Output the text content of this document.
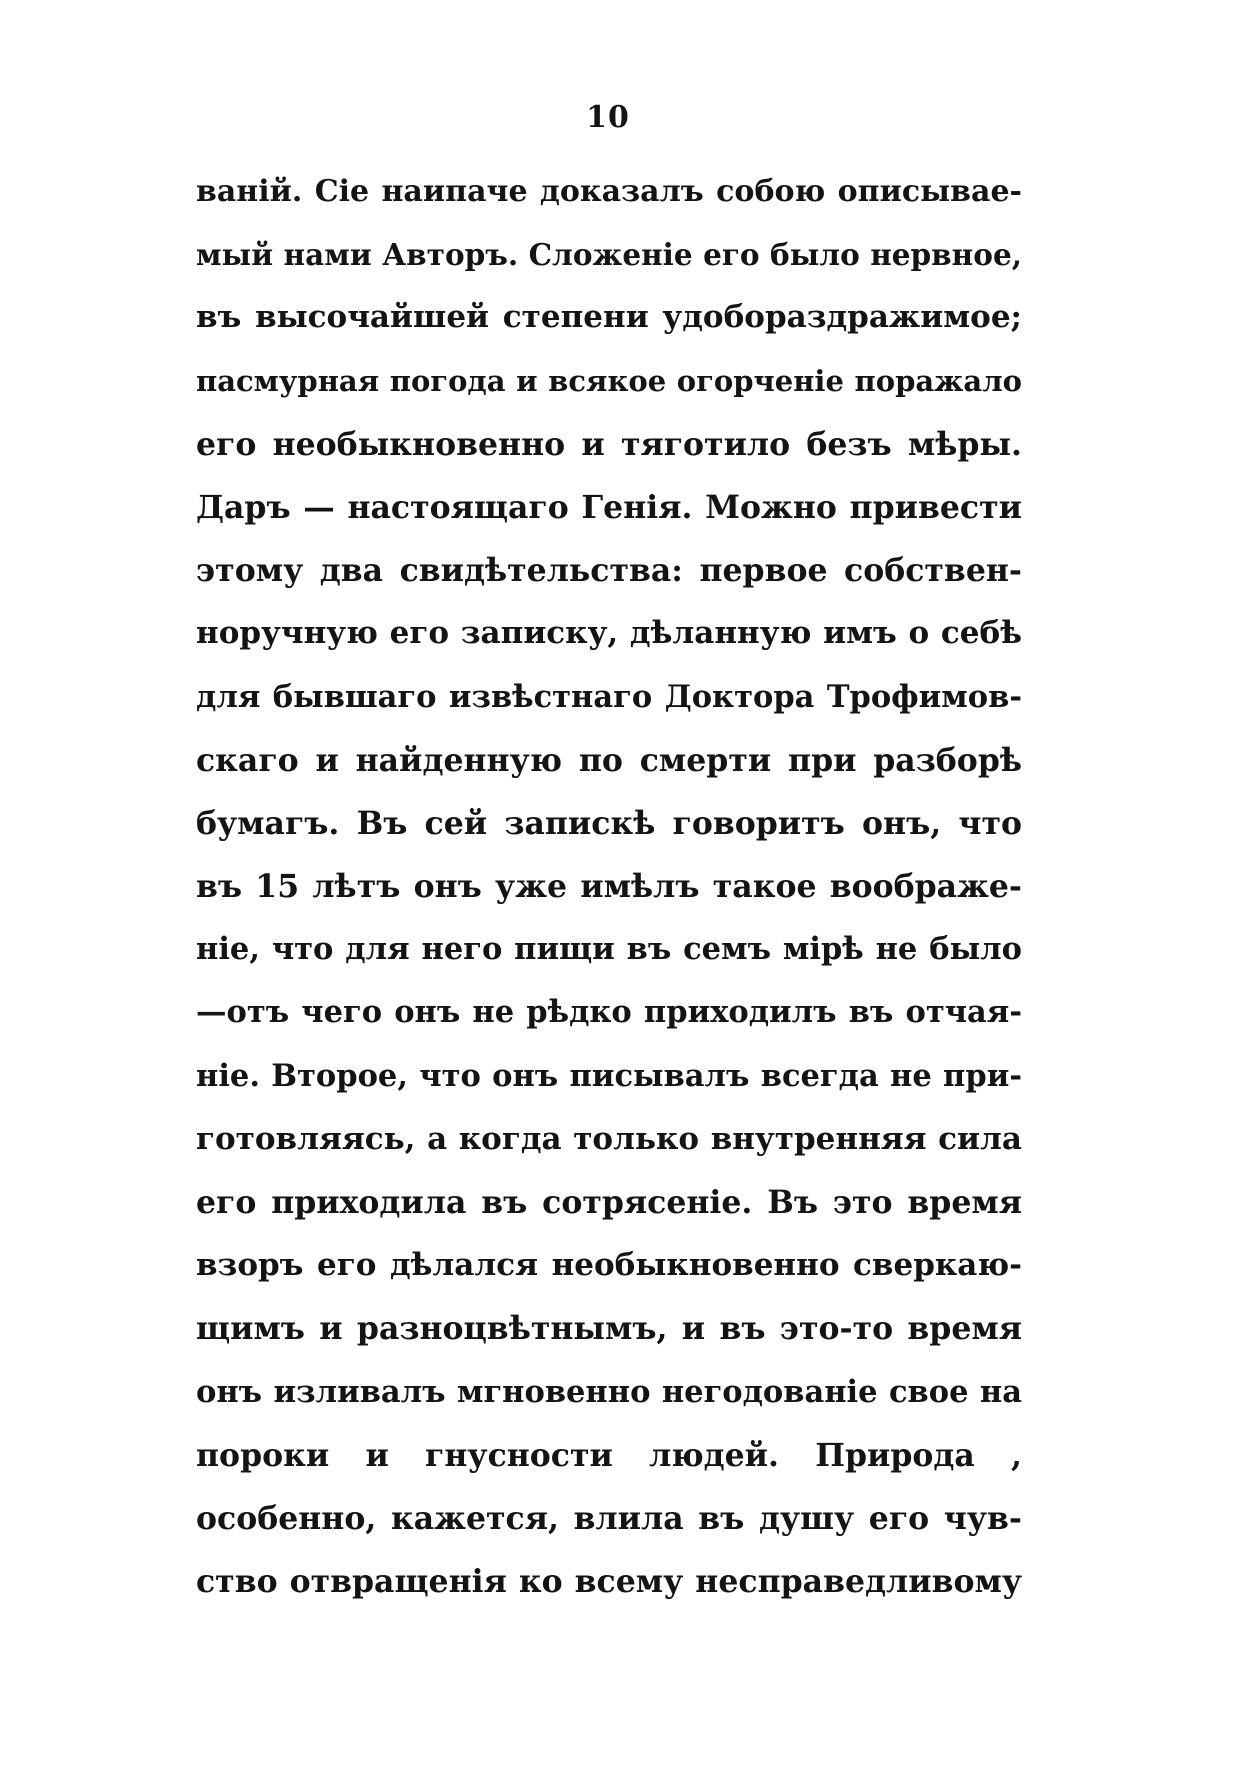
10
ваній. Сіе наипаче доказалъ собою описывае-
мый нами Авторъ. Сложеніе его было нервное,
въ высочайшей степени удобораздражимое;
пасмурная погода и всякое огорченіе поражало
его необыкновенно и тяготило безъ мѣры.
Даръ — настоящаго Генія. Можно привести
этому два свидѣтельства: первое собствен-
норучную его записку, дѣланную имъ о себѣ
для бывшаго извѣстнаго Доктора Трофимов-
скаго и найденную по смерти при разборѣ
бумагъ. Въ сей запискѣ говоритъ онъ, что
въ 15 лѣтъ онъ уже имѣлъ такое воображе-
ніе, что для него пищи въ семъ мірѣ не было
—отъ чего онъ не рѣдко приходилъ въ отчая-
ніе. Второе, что онъ писывалъ всегда не при-
готовляясь, а когда только внутренняя сила
его приходила въ сотрясеніе. Въ это время
взоръ его дѣлался необыкновенно сверкаю-
щимъ и разноцвѣтнымъ, и въ это-то время
онъ изливалъ мгновенно негодованіе свое на
пороки и гнусности людей. Природа ,
особенно, кажется, влила въ душу его чув-
ство отвращенія ко всему несправедливому
